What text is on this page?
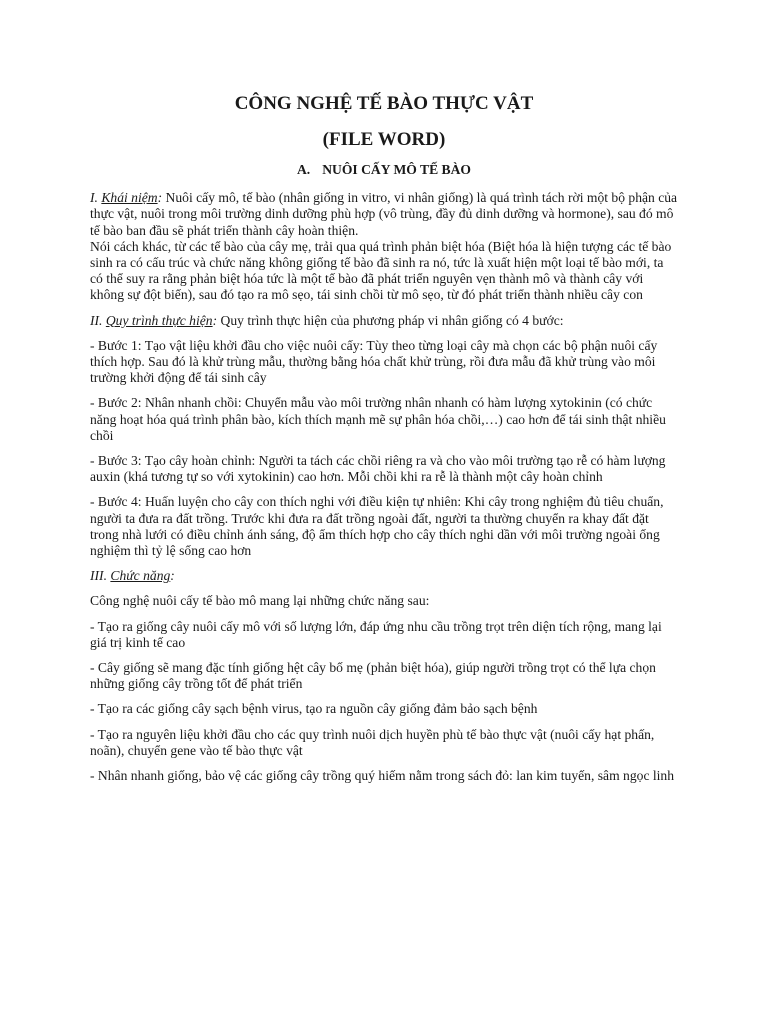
CÔNG NGHỆ TẾ BÀO THỰC VẬT
(FILE WORD)
A. NUÔI CẤY MÔ TẾ BÀO

I. Khái niệm: Nuôi cấy mô, tế bào (nhân giống in vitro, vi nhân giống) là quá trình tách rời một bộ phận của thực vật, nuôi trong môi trường dinh dưỡng phù hợp (vô trùng, đầy đủ dinh dưỡng và hormone), sau đó mô tế bào ban đầu sẽ phát triển thành cây hoàn thiện.

Nói cách khác, từ các tế bào của cây mẹ, trải qua quá trình phản biệt hóa (Biệt hóa là hiện tượng các tế bào sinh ra có cấu trúc và chức năng không giống tế bào đã sinh ra nó, tức là xuất hiện một loại tế bào mới, ta có thể suy ra rằng phản biệt hóa tức là một tế bào đã phát triển nguyên vẹn thành mô và thành cây với không sự đột biến), sau đó tạo ra mô sẹo, tái sinh chồi từ mô sẹo, từ đó phát triển thành nhiều cây con

II. Quy trình thực hiện: Quy trình thực hiện của phương pháp vi nhân giống có 4 bước:

- Bước 1: Tạo vật liệu khởi đầu cho việc nuôi cấy: Tùy theo từng loại cây mà chọn các bộ phận nuôi cấy thích hợp. Sau đó là khử trùng mẫu, thường bằng hóa chất khử trùng, rồi đưa mẫu đã khử trùng vào môi trường khởi động để tái sinh cây

- Bước 2: Nhân nhanh chồi: Chuyển mẫu vào môi trường nhân nhanh có hàm lượng xytokinin (có chức năng hoạt hóa quá trình phân bào, kích thích mạnh mẽ sự phân hóa chồi,…) cao hơn để tái sinh thật nhiều chồi

- Bước 3: Tạo cây hoàn chỉnh: Người ta tách các chồi riêng ra và cho vào môi trường tạo rễ có hàm lượng auxin (khá tương tự so với xytokinin) cao hơn. Mỗi chồi khi ra rễ là thành một cây hoàn chỉnh

- Bước 4: Huấn luyện cho cây con thích nghi với điều kiện tự nhiên: Khi cây trong nghiệm đủ tiêu chuẩn, người ta đưa ra đất trồng. Trước khi đưa ra đất trồng ngoài đất, người ta thường chuyển ra khay đất đặt trong nhà lưới có điều chỉnh ánh sáng, độ ẩm thích hợp cho cây thích nghi dần với môi trường ngoài ống nghiệm thì tỷ lệ sống cao hơn

III. Chức năng:

Công nghệ nuôi cấy tế bào mô mang lại những chức năng sau:

- Tạo ra giống cây nuôi cấy mô với số lượng lớn, đáp ứng nhu cầu trồng trọt trên diện tích rộng, mang lại giá trị kinh tế cao

- Cây giống sẽ mang đặc tính giống hệt cây bố mẹ (phản biệt hóa), giúp người trồng trọt có thể lựa chọn những giống cây trồng tốt để phát triển

- Tạo ra các giống cây sạch bệnh virus, tạo ra nguồn cây giống đảm bảo sạch bệnh

- Tạo ra nguyên liệu khởi đầu cho các quy trình nuôi dịch huyền phù tế bào thực vật (nuôi cấy hạt phấn, noãn), chuyển gene vào tế bào thực vật

- Nhân nhanh giống, bảo vệ các giống cây trồng quý hiếm nằm trong sách đỏ: lan kim tuyến, sâm ngọc linh
